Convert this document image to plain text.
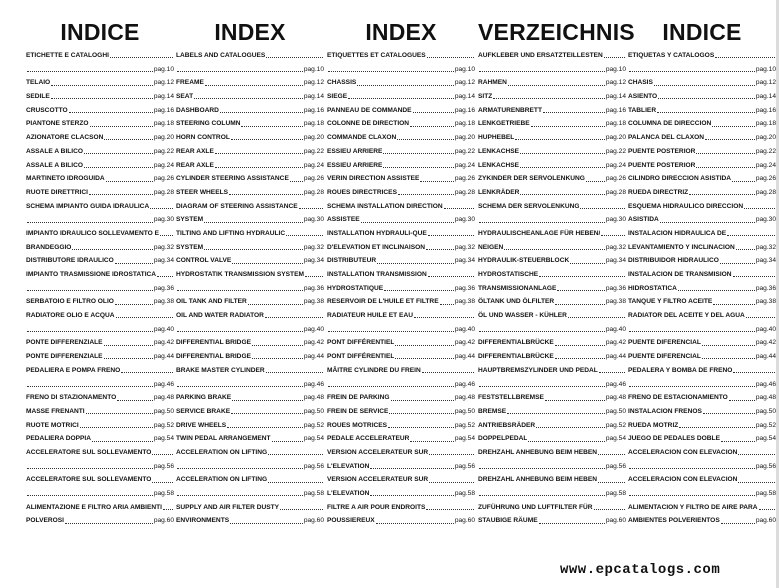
INDICE
ETICHETTE E CATALOGHI
pag.10
TELAIO	pag.12
SEDILE	pag.14
CRUSCOTTO	pag.16
PIANTONE STERZO	pag.18
AZIONATORE CLACSON	pag.20
ASSALE A BILICO	pag.22
ASSALE A BILICO	pag.24
MARTINETO IDROGUIDA	pag.26
RUOTE DIRETTRICI	pag.28
SCHEMA IMPIANTO GUIDA IDRAULICA
pag.30
IMPIANTO IDRAULICO SOLLEVAMENTO E
BRANDEGGIO	pag.32
DISTRIBUTORE IDRAULICO	pag.34
IMPIANTO TRASMISSIONE IDROSTATICA
pag.36
SERBATOIO E FILTRO OLIO	pag.38
RADIATORE OLIO E ACQUA
pag.40
PONTE DIFFERENZIALE	pag.42
PONTE DIFFERENZIALE	pag.44
PEDALIERA E POMPA FRENO
pag.46
FRENO DI STAZIONAMENTO	pag.48
MASSE FRENANTI	pag.50
RUOTE MOTRICI	pag.52
PEDALIERA DOPPIA	pag.54
ACCELERATORE SUL SOLLEVAMENTO
pag.56
ACCELERATORE SUL SOLLEVAMENTO
pag.58
ALIMENTAZIONE E FILTRO ARIA AMBIENTI
POLVEROSI	pag.60
INDEX
LABELS AND CATALOGUES
pag.10
FREAME	pag.12
SEAT	pag.14
DASHBOARD	pag.16
STEERING COLUMN	pag.18
HORN CONTROL	pag.20
REAR AXLE	pag.22
REAR AXLE	pag.24
CYLINDER STEERING ASSISTANCE pag.26
STEER WHEELS	pag.28
DIAGRAM OF STEERING ASSISTANCE
SYSTEM	pag.30
TILTING AND LIFTING HYDRAULIC
SYSTEM	pag.32
CONTROL VALVE	pag.34
HYDROSTATIK TRANSMISSION SYSTEM
pag.36
OIL TANK AND FILTER	pag.38
OIL AND WATER RADIATOR
pag.40
DIFFERENTIAL BRIDGE	pag.42
DIFFERENTIAL BRIDGE	pag.44
BRAKE MASTER CYLINDER
pag.46
PARKING BRAKE	pag.48
SERVICE BRAKE	pag.50
DRIVE WHEELS	pag.52
TWIN PEDAL ARRANGEMENT	pag.54
ACCELERATION ON LIFTING
pag.56
ACCELERATION ON LIFTING
pag.58
SUPPLY AND AIR FILTER DUSTY
ENVIRONMENTS	pag.60
INDEX
ETIQUETTES ET CATALOGUES
pag.10
CHASSIS	pag.12
SIEGE	pag.14
PANNEAU DE COMMANDE	pag.16
COLONNE DE DIRECTION	pag.18
COMMANDE CLAXON	pag.20
ESSIEU ARRIERE	pag.22
ESSIEU ARRIERE	pag.24
VERIN DIRECTION ASSISTEE	pag.26
ROUES DIRECTRICES	pag.28
SCHEMA INSTALLATION DIRECTION
ASSISTEE	pag.30
INSTALLATION HYDRAULI-QUE
D'ELEVATION ET INCLINAISON	pag.32
DISTRIBUTEUR	pag.34
INSTALLATION TRANSMISSION
HYDROSTATIQUE	pag.36
RESERVOIR DE L'HUILE ET FILTRE pag.38
RADIATEUR HUILE ET EAU
pag.40
PONT DIFFÉRENTIEL	pag.42
PONT DIFFÉRENTIEL	pag.44
MÂITRE CYLINDRE DU FREIN
pag.46
FREIN DE PARKING	pag.48
FREIN DE SERVICE	pag.50
ROUES MOTRICES	pag.52
PEDALE ACCELERATEUR	pag.54
VERSION ACCELERATEUR SUR
L'ELEVATION	pag.56
VERSION ACCELERATEUR SUR
L'ELEVATION	pag.58
FILTRE A AIR POUR ENDROITS
POUSSIEREUX	pag.60
VERZEICHNIS
AUFKLEBER UND ERSATZTEILLESTEN
pag.10
RAHMEN	pag.12
SITZ	pag.14
ARMATURENBRETT	pag.16
LENKGETRIEBE	pag.18
HUPHEBEL	pag.20
LENKACHSE	pag.22
LENKACHSE	pag.24
ZYKINDER DER SERVOLENKUNG	pag.26
LENKRÄDER	pag.28
SCHEMA DER SERVOLENKUNG
pag.30
HYDRAULISCHEANLAGE FÜR HEBEN/
NEIGEN	pag.32
HYDRAULIK-STEUERBLOCK	pag.34
HYDROSTATISCHE
TRANSMISSIONANLAGE	pag.36
ÖLTANK UND ÖLFILTER	pag.38
ÖL UND WASSER - KÜHLER
pag.40
DIFFERENTIALBRÜCKE	pag.42
DIFFERENTIALBRÜCKE	pag.44
HAUPTBREMSZYLINDER UND PEDAL
pag.46
FESTSTELLBREMSE	pag.48
BREMSE	pag.50
ANTRIEBSRÄDER	pag.52
DOPPELPEDAL	pag.54
DREHZAHL ANHEBUNG BEIM HEBEN
pag.56
DREHZAHL ANHEBUNG BEIM HEBEN
pag.58
ZUFÜHRUNG UND LUFTFILTER FÜR
STAUBIGE RÄUME	pag.60
INDICE
ETIQUETAS Y CATALOGOS
pag.10
CHASIS	pag.12
ASIENTO	pag.14
TABLIER	pag.16
COLUMNA DE DIRECCION	pag.18
PALANCA DEL CLAXON	pag.20
PUENTE POSTERIOR	pag.22
PUENTE POSTERIOR	pag.24
CILINDRO DIRECCION ASISTIDA	pag.26
RUEDA DIRECTRIZ	pag.28
ESQUEMA HIDRAULICO DIRECCION
ASISTIDA	pag.30
INSTALACION HIDRAULICA DE
LEVANTAMIENTO Y INCLINACION	pag.32
DISTRIBUIDOR HIDRAULICO	pag.34
INSTALACION DE TRANSMISION
HIDROSTATICA	pag.36
TANQUE Y FILTRO ACEITE	pag.38
RADIATOR DEL ACEITE Y DEL AGUA
pag.40
PUENTE DIFERENCIAL	pag.42
PUENTE DIFERENCIAL	pag.44
PEDALERA Y BOMBA DE FRENO
pag.46
FRENO DE ESTACIONAMIENTO	pag.48
INSTALACION FRENOS	pag.50
RUEDA MOTRIZ	pag.52
JUEGO DE PEDALES DOBLE	pag.54
ACCELERACION CON ELEVACION
pag.56
ACCELERACION CON ELEVACION
pag.58
ALIMENTACION Y FILTRO DE AIRE PARA
AMBIENTES POLVERIENTOS	pag.60
www.epcatalogs.com
